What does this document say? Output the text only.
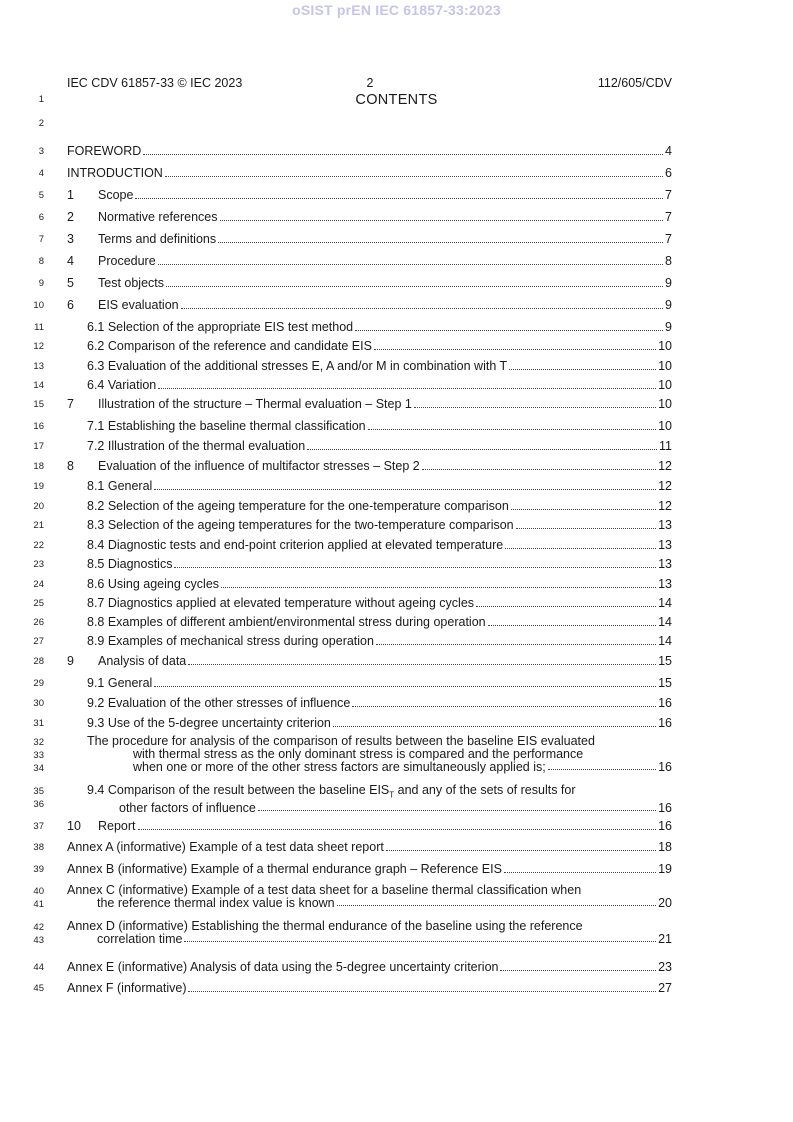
oSIST prEN IEC 61857-33:2023
IEC CDV 61857-33 © IEC 2023	2	112/605/CDV
CONTENTS
1
2
3
4
5
6
7
8
9
10
11
12
13
14
15
16
17
18
19
20
21
22
23
24
25
26
27
28
29
30
31
32
33
34
35
36
37
38
39
40
41
42
43
44
45
FOREWORD	4
INTRODUCTION	6
1 Scope	7
2 Normative references	7
3 Terms and definitions	7
4 Procedure	8
5 Test objects	9
6 EIS evaluation	9
6.1 Selection of the appropriate EIS test method	9
6.2 Comparison of the reference and candidate EIS	10
6.3 Evaluation of the additional stresses E, A and/or M in combination with T	10
6.4 Variation	10
7 Illustration of the structure – Thermal evaluation – Step 1	10
7.1 Establishing the baseline thermal classification	10
7.2 Illustration of the thermal evaluation	11
8 Evaluation of the influence of multifactor stresses – Step 2	12
8.1 General	12
8.2 Selection of the ageing temperature for the one-temperature comparison	12
8.3 Selection of the ageing temperatures for the two-temperature comparison	13
8.4 Diagnostic tests and end-point criterion applied at elevated temperature	13
8.5 Diagnostics	13
8.6 Using ageing cycles	13
8.7 Diagnostics applied at elevated temperature without ageing cycles	14
8.8 Examples of different ambient/environmental stress during operation	14
8.9 Examples of mechanical stress during operation	14
9 Analysis of data	15
9.1 General	15
9.2 Evaluation of the other stresses of influence	16
9.3 Use of the 5-degree uncertainty criterion	16
The procedure for analysis of the comparison of results between the baseline EIS evaluated
with thermal stress as the only dominant stress is compared and the performance
when one or more of the other stress factors are simultaneously applied is;	16
9.4 Comparison of the result between the baseline $EIS_T$ and any of the sets of results for
other factors of influence	16
10 Report	16
Annex A (informative) Example of a test data sheet report	18
Annex B (informative) Example of a thermal endurance graph – Reference EIS	19
Annex C (informative) Example of a test data sheet for a baseline thermal classification when
the reference thermal index value is known	20
Annex D (informative) Establishing the thermal endurance of the baseline using the reference
correlation time	21
Annex E (informative) Analysis of data using the 5-degree uncertainty criterion	23
Annex F (informative)	27
